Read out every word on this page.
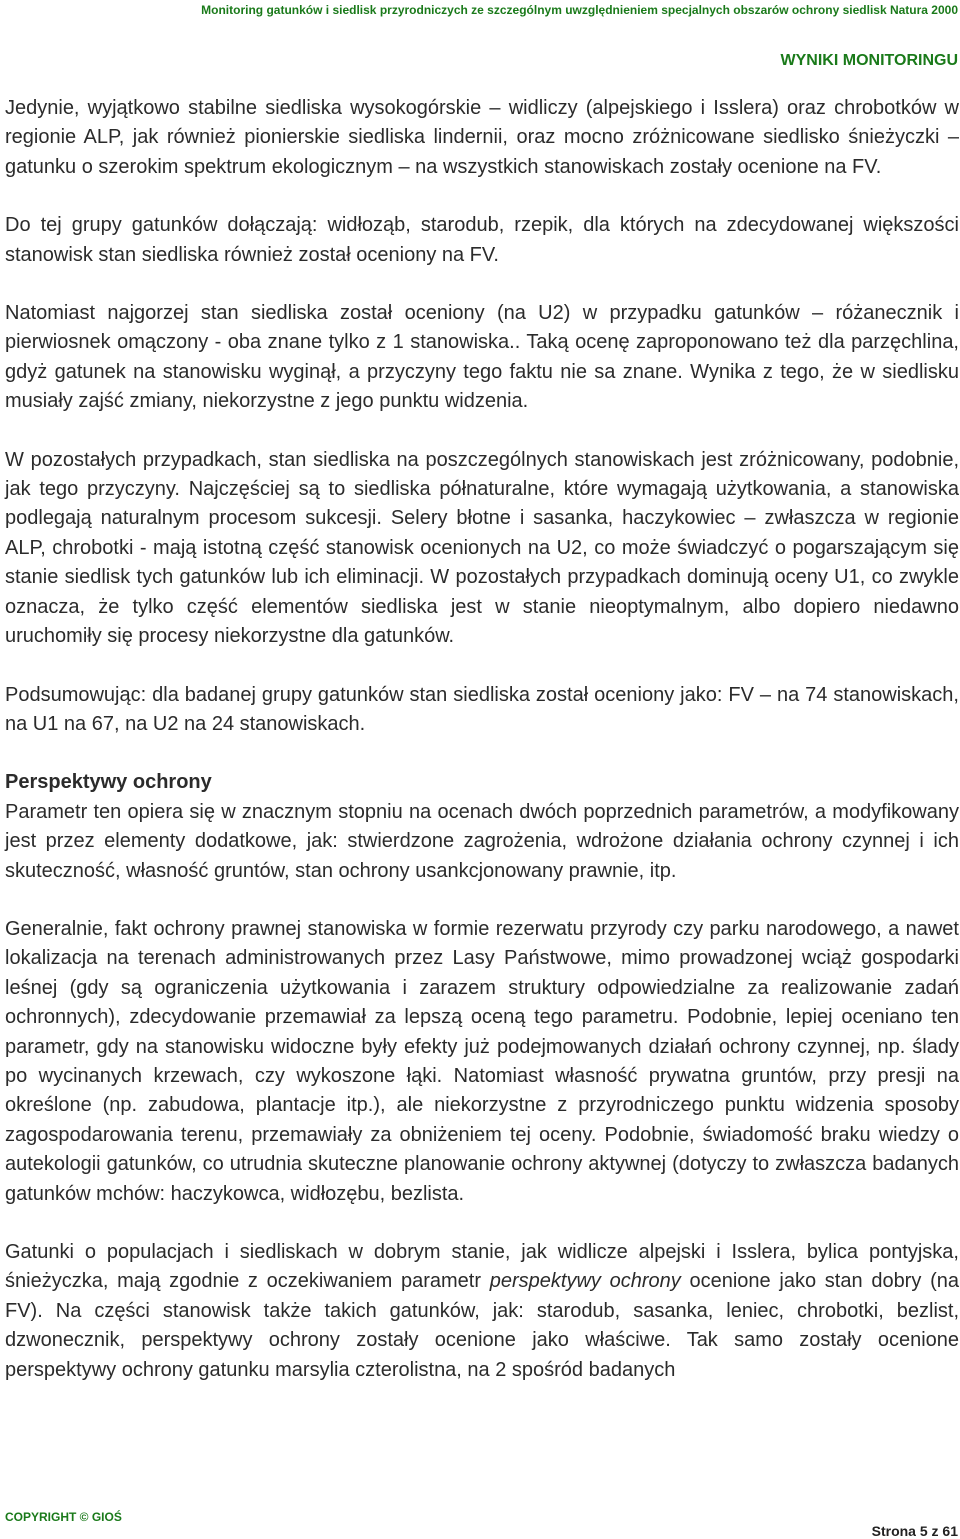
Monitoring gatunków i siedlisk przyrodniczych ze szczególnym uwzględnieniem specjalnych obszarów ochrony siedlisk Natura 2000
WYNIKI MONITORINGU

Jedynie, wyjątkowo stabilne siedliska wysokogórskie – widliczy (alpejskiego i Isslera) oraz chrobotków w regionie ALP, jak również pionierskie siedliska lindernii, oraz mocno zróżnicowane siedlisko śnieżyczki – gatunku o szerokim spektrum ekologicznym – na wszystkich stanowiskach zostały ocenione na FV.

Do tej grupy gatunków dołączają: widłoząb, starodub, rzepik, dla których na zdecydowanej większości stanowisk stan siedliska również został oceniony na FV.

Natomiast najgorzej stan siedliska został oceniony (na U2) w przypadku gatunków – różanecznik i pierwiosnek omączony - oba znane tylko z 1 stanowiska.. Taką ocenę zaproponowano też dla parzęchlina, gdyż gatunek na stanowisku wyginął, a przyczyny tego faktu nie sa znane. Wynika z tego, że w siedlisku musiały zajść zmiany, niekorzystne z jego punktu widzenia.

W pozostałych przypadkach, stan siedliska na poszczególnych stanowiskach jest zróżnicowany, podobnie, jak tego przyczyny. Najczęściej są to siedliska półnaturalne, które wymagają użytkowania, a stanowiska podlegają naturalnym procesom sukcesji. Selery błotne i sasanka, haczykowiec – zwłaszcza w regionie ALP, chrobotki - mają istotną część stanowisk ocenionych na U2, co może świadczyć o pogarszającym się stanie siedlisk tych gatunków lub ich eliminacji. W pozostałych przypadkach dominują oceny U1, co zwykle oznacza, że tylko część elementów siedliska jest w stanie nieoptymalnym, albo dopiero niedawno uruchomiły się procesy niekorzystne dla gatunków.

Podsumowując: dla badanej grupy gatunków stan siedliska został oceniony jako: FV – na 74 stanowiskach, na U1 na 67, na U2 na 24 stanowiskach.

Perspektywy ochrony

Parametr ten opiera się w znacznym stopniu na ocenach dwóch poprzednich parametrów, a modyfikowany jest przez elementy dodatkowe, jak: stwierdzone zagrożenia, wdrożone działania ochrony czynnej i ich skuteczność, własność gruntów, stan ochrony usankcjonowany prawnie, itp.

Generalnie, fakt ochrony prawnej stanowiska w formie rezerwatu przyrody czy parku narodowego, a nawet lokalizacja na terenach administrowanych przez Lasy Państwowe, mimo prowadzonej wciąż gospodarki leśnej (gdy są ograniczenia użytkowania i zarazem struktury odpowiedzialne za realizowanie zadań ochronnych), zdecydowanie przemawiał za lepszą oceną tego parametru. Podobnie, lepiej oceniano ten parametr, gdy na stanowisku widoczne były efekty już podejmowanych działań ochrony czynnej, np. ślady po wycinanych krzewach, czy wykoszone łąki. Natomiast własność prywatna gruntów, przy presji na określone (np. zabudowa, plantacje itp.), ale niekorzystne z przyrodniczego punktu widzenia sposoby zagospodarowania terenu, przemawiały za obniżeniem tej oceny. Podobnie, świadomość braku wiedzy o autekologii gatunków, co utrudnia skuteczne planowanie ochrony aktywnej (dotyczy to zwłaszcza badanych gatunków mchów: haczykowca, widłozębu, bezlista.

Gatunki o populacjach i siedliskach w dobrym stanie, jak widlicze alpejski i Isslera, bylica pontyjska, śnieżyczka, mają zgodnie z oczekiwaniem parametr perspektywy ochrony ocenione jako stan dobry (na FV). Na części stanowisk także takich gatunków, jak: starodub, sasanka, leniec, chrobotki, bezlist, dzwonecznik, perspektywy ochrony zostały ocenione jako właściwe. Tak samo zostały ocenione perspektywy ochrony gatunku marsylia czterolistna, na 2 spośród badanych

COPYRIGHT © GIOŚ
Strona 5 z 61
